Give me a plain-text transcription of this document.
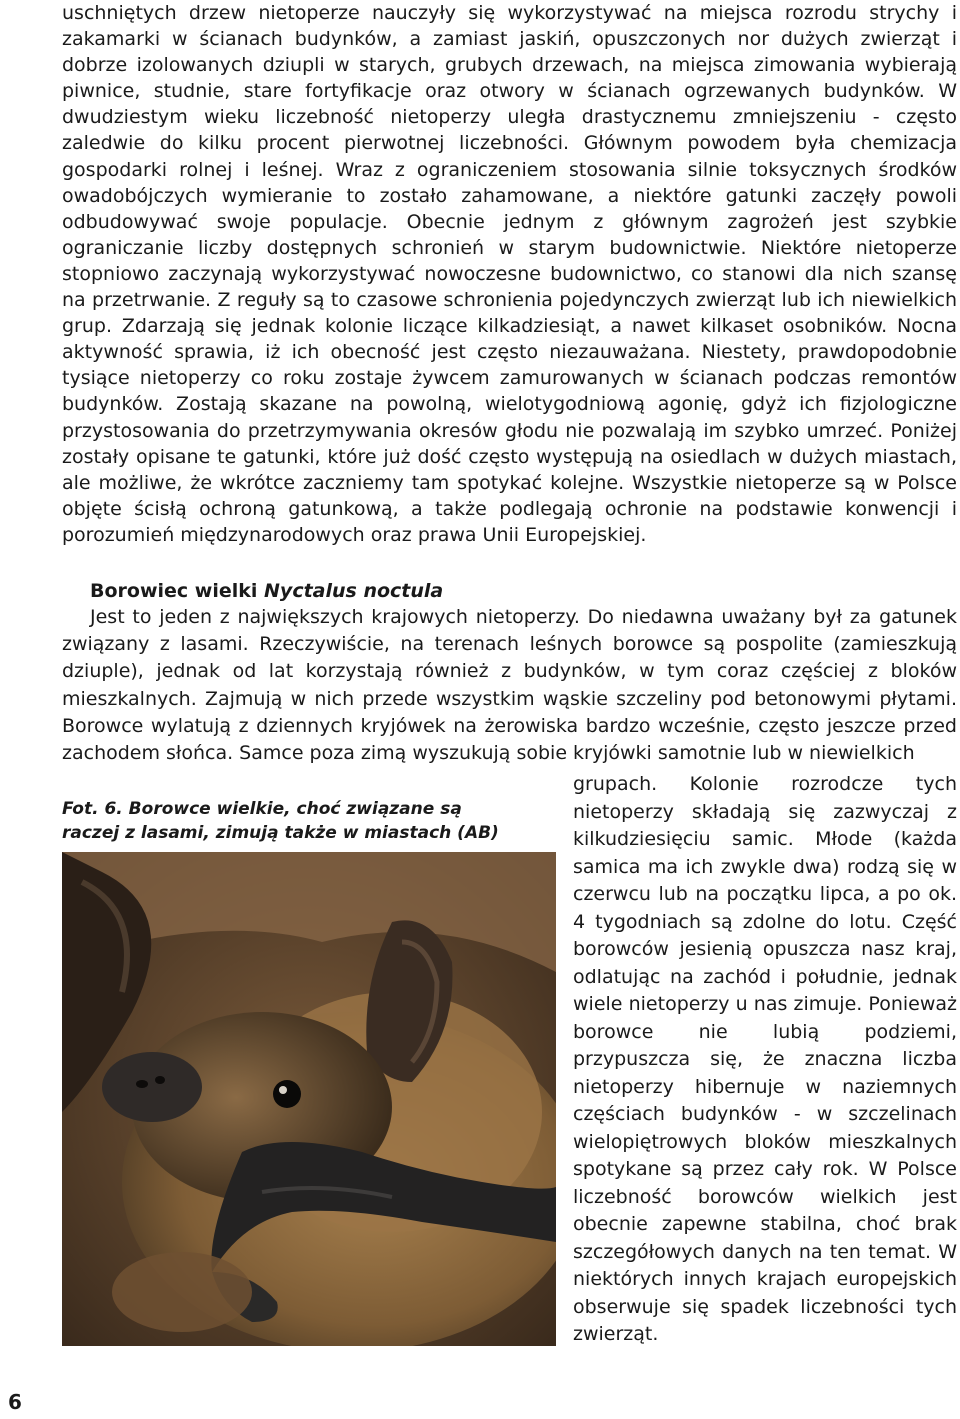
uschniętych drzew nietoperze nauczyły się wykorzystywać na miejsca rozrodu strychy i zakamarki w ścianach budynków, a zamiast jaskiń, opuszczonych nor dużych zwierząt i dobrze izolowanych dziupli w starych, grubych drzewach, na miejsca zimowania wybierają piwnice, studnie, stare fortyfikacje oraz otwory w ścianach ogrzewanych budynków. W dwudziestym wieku liczebność nietoperzy uległa drastycznemu zmniejszeniu - często zaledwie do kilku procent pierwotnej liczebności. Głównym powodem była chemizacja gospodarki rolnej i leśnej. Wraz z ograniczeniem stosowania silnie toksycznych środków owadobójczych wymieranie to zostało zahamowane, a niektóre gatunki zaczęły powoli odbudowywać swoje populacje. Obecnie jednym z głównym zagrożeń jest szybkie ograniczanie liczby dostępnych schronień w starym budownictwie. Niektóre nietoperze stopniowo zaczynają wykorzystywać nowoczesne budownictwo, co stanowi dla nich szansę na przetrwanie. Z reguły są to czasowe schronienia pojedynczych zwierząt lub ich niewielkich grup. Zdarzają się jednak kolonie liczące kilkadziesiąt, a nawet kilkaset osobników. Nocna aktywność sprawia, iż ich obecność jest często niezauważana. Niestety, prawdopodobnie tysiące nietoperzy co roku zostaje żywcem zamurowanych w ścianach podczas remontów budynków. Zostają skazane na powolną, wielotygodniową agonię, gdyż ich fizjologiczne przystosowania do przetrzymywania okresów głodu nie pozwalają im szybko umrzeć. Poniżej zostały opisane te gatunki, które już dość często występują na osiedlach w dużych miastach, ale możliwe, że wkrótce zaczniemy tam spotykać kolejne. Wszystkie nietoperze są w Polsce objęte ścisłą ochroną gatunkową, a także podlegają ochronie na podstawie konwencji i porozumień międzynarodowych oraz prawa Unii Europejskiej.

Borowiec wielki Nyctalus noctula

Jest to jeden z największych krajowych nietoperzy. Do niedawna uważany był za gatunek związany z lasami. Rzeczywiście, na terenach leśnych borowce są pospolite (zamieszkują dziuple), jednak od lat korzystają również z budynków, w tym coraz częściej z bloków mieszkalnych. Zajmują w nich przede wszystkim wąskie szczeliny pod betonowymi płytami. Borowce wylatują z dziennych kryjówek na żerowiska bardzo wcześnie, często jeszcze przed zachodem słońca. Samce poza zimą wyszukują sobie kryjówki samotnie lub w niewielkich

grupach. Kolonie rozrodcze tych nietoperzy składają się zazwyczaj z kilkudziesięciu samic. Młode (każda samica ma ich zwykle dwa) rodzą się w czerwcu lub na początku lipca, a po ok. 4 tygodniach są zdolne do lotu. Część borowców jesienią opuszcza nasz kraj, odlatując na zachód i południe, jednak wiele nietoperzy u nas zimuje. Ponieważ borowce nie lubią podziemi, przypuszcza się, że znaczna liczba nietoperzy hibernuje w naziemnych częściach budynków - w szczelinach wielopiętrowych bloków mieszkalnych spotykane są przez cały rok. W Polsce liczebność borowców wielkich jest obecnie zapewne stabilna, choć brak szczegółowych danych na ten temat. W niektórych innych krajach europejskich obserwuje się spadek liczebności tych zwierząt.

Fot. 6. Borowce wielkie, choć związane są raczej z lasami, zimują także w miastach (AB)

6
